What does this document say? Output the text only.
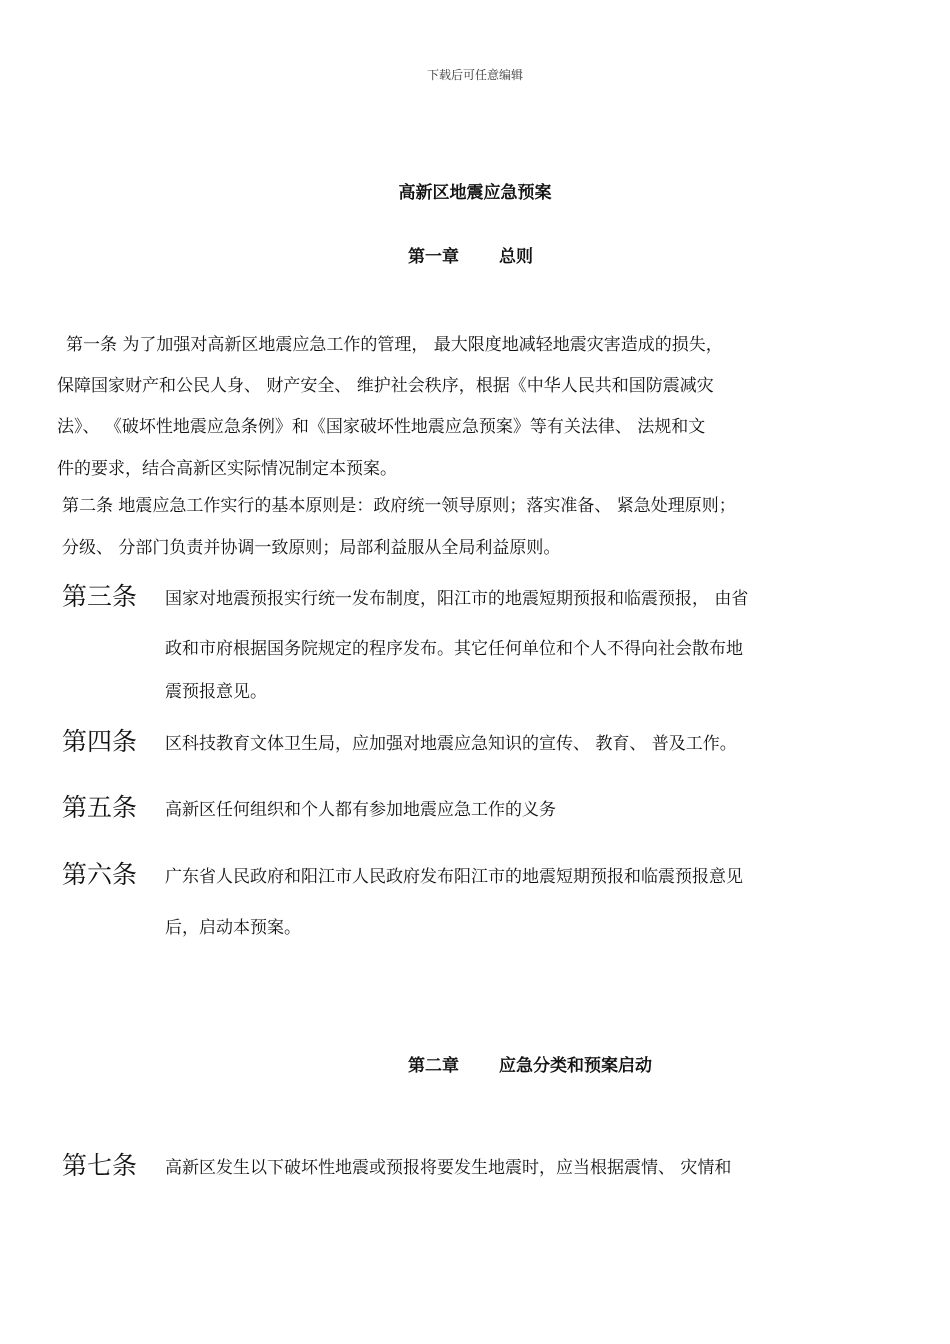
下载后可任意编辑
高新区地震应急预案
第一章 总则
第一条 为了加强对高新区地震应急工作的管理， 最大限度地减轻地震灾害造成的损失，
保障国家财产和公民人身、 财产安全、 维护社会秩序，根据《中华人民共和国防震减灾
法》、 《破坏性地震应急条例》和《国家破坏性地震应急预案》等有关法律、 法规和文
件的要求，结合高新区实际情况制定本预案。
第二条 地震应急工作实行的基本原则是：政府统一领导原则；落实准备、 紧急处理原则；
分级、 分部门负责并协调一致原则；局部利益服从全局利益原则。
第三条 国家对地震预报实行统一发布制度，阳江市的地震短期预报和临震预报， 由省
政和市府根据国务院规定的程序发布。其它任何单位和个人不得向社会散布地
震预报意见。
第四条 区科技教育文体卫生局，应加强对地震应急知识的宣传、 教育、 普及工作。
第五条 高新区任何组织和个人都有参加地震应急工作的义务
第六条 广东省人民政府和阳江市人民政府发布阳江市的地震短期预报和临震预报意见
后，启动本预案。
第二章 应急分类和预案启动
第七条 高新区发生以下破坏性地震或预报将要发生地震时，应当根据震情、 灾情和
